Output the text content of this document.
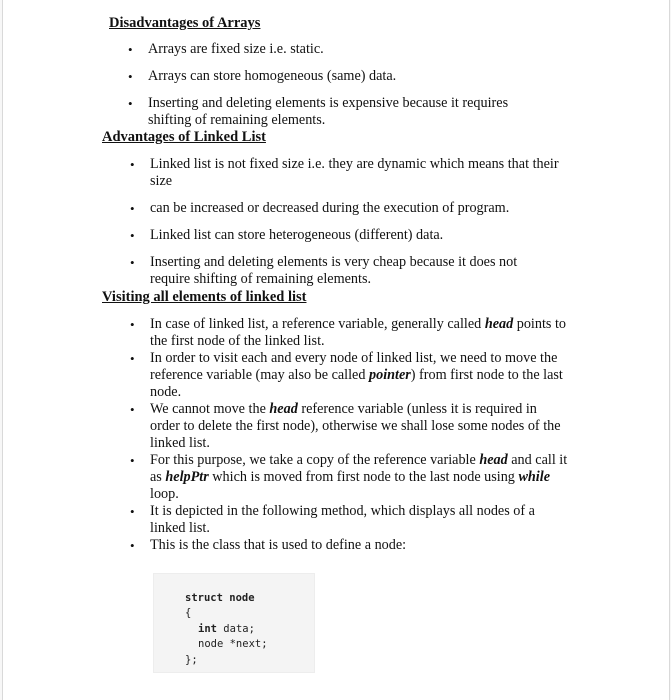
Disadvantages of Arrays
• Arrays are fixed size i.e. static.
• Arrays can store homogeneous (same) data.
• Inserting and deleting elements is expensive because it requires shifting of remaining elements.
Advantages of Linked List
• Linked list is not fixed size i.e. they are dynamic which means that their size
• can be increased or decreased during the execution of program.
• Linked list can store heterogeneous (different) data.
• Inserting and deleting elements is very cheap because it does not require shifting of remaining elements.
Visiting all elements of linked list
• In case of linked list, a reference variable, generally called head points to the first node of the linked list.
• In order to visit each and every node of linked list, we need to move the reference variable (may also be called pointer) from first node to the last node.
• We cannot move the head reference variable (unless it is required in order to delete the first node), otherwise we shall lose some nodes of the linked list.
• For this purpose, we take a copy of the reference variable head and call it as helpPtr which is moved from first node to the last node using while loop.
• It is depicted in the following method, which displays all nodes of a linked list.
• This is the class that is used to define a node:
struct node
{
int data;
node *next;
};
